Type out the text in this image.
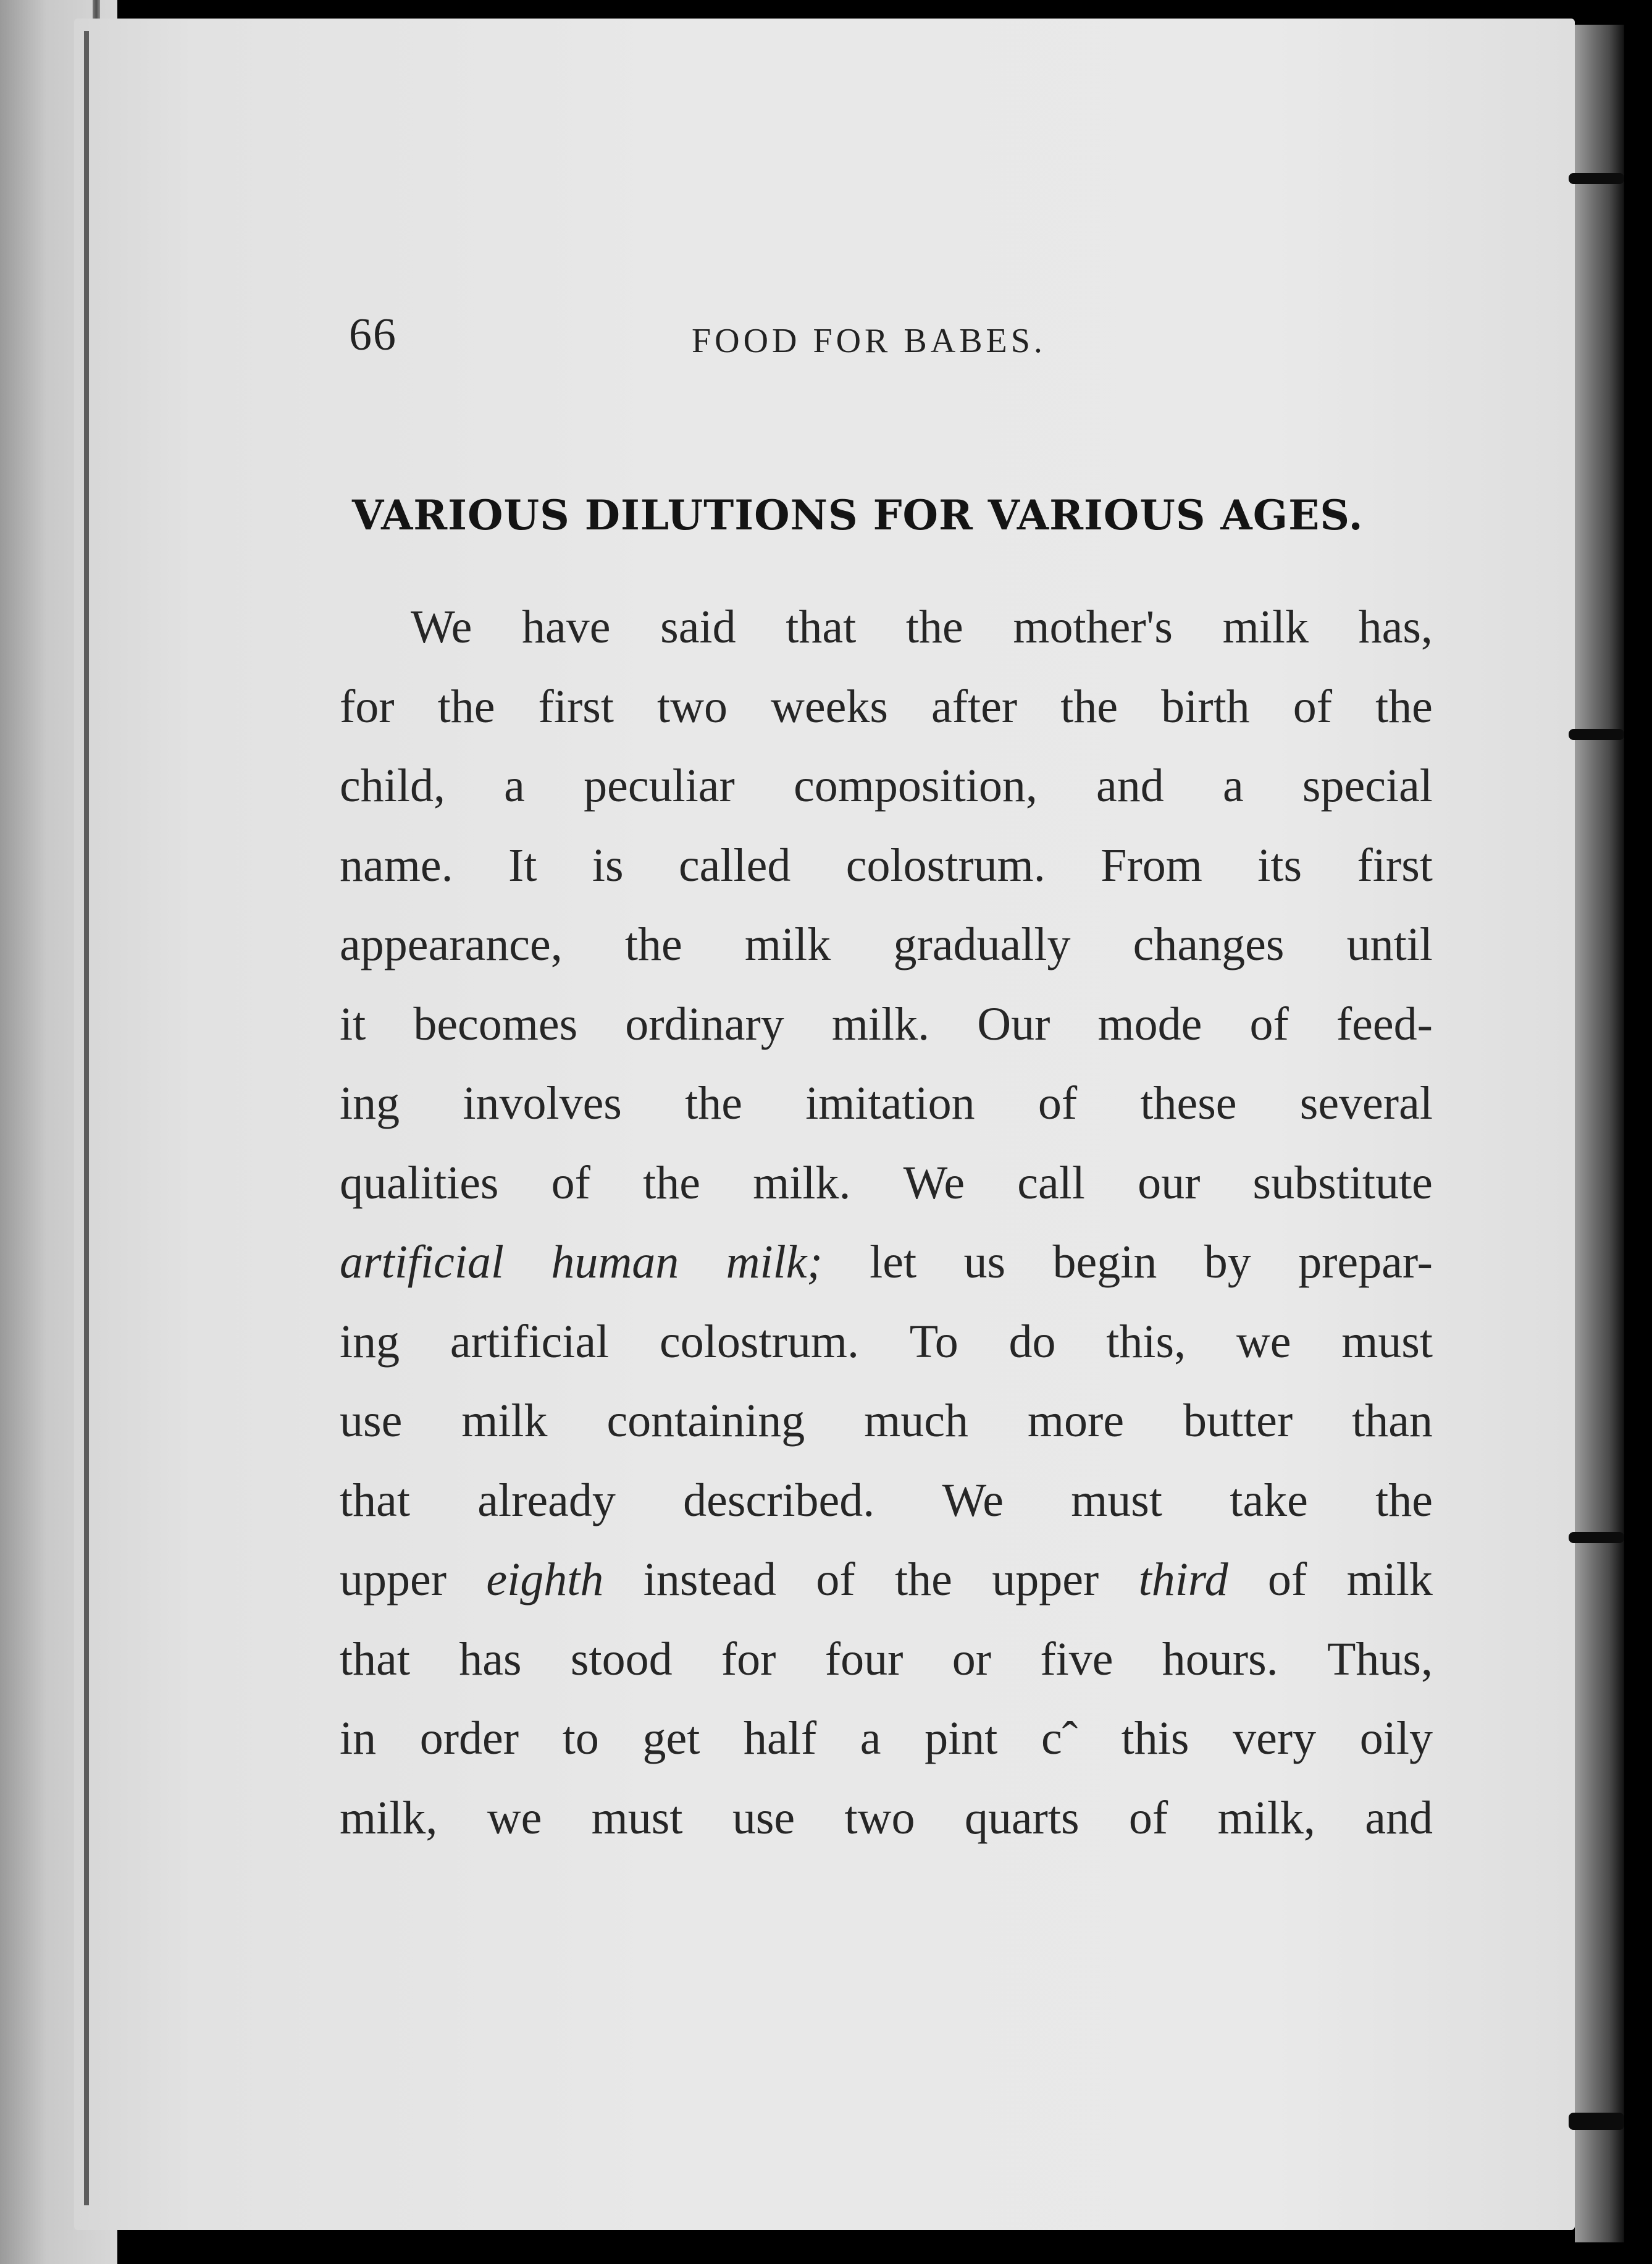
66	FOOD FOR BABES.
VARIOUS DILUTIONS FOR VARIOUS AGES.
We have said that the mother's milk has,
for the first two weeks after the birth of the
child, a peculiar composition, and a special
name. It is called colostrum. From its first
appearance, the milk gradually changes until
it becomes ordinary milk. Our mode of feed-
ing involves the imitation of these several
qualities of the milk. We call our substitute
artificial human milk; let us begin by prepar-
ing artificial colostrum. To do this, we must
use milk containing much more butter than
that already described. We must take the
upper eighth instead of the upper third of milk
that has stood for four or five hours. Thus,
in order to get half a pint cˆ this very oily
milk, we must use two quarts of milk, and
